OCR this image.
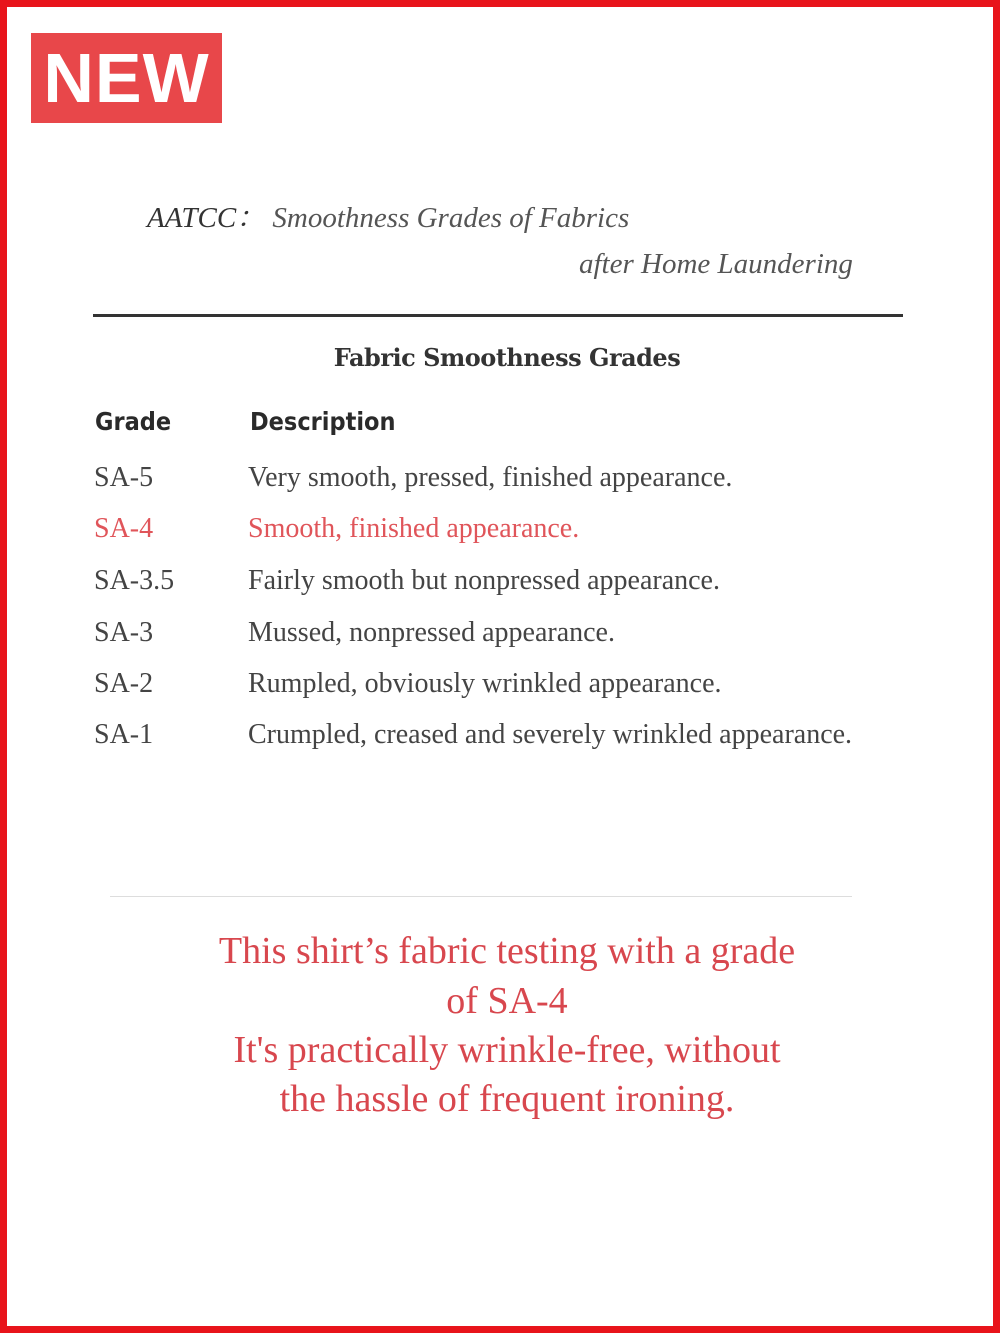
NEW
AATCC： Smoothness Grades of Fabrics
after Home Laundering
Fabric Smoothness Grades
Grade	Description
SA-5	Very smooth, pressed, finished appearance.
SA-4	Smooth, finished appearance.
SA-3.5	Fairly smooth but nonpressed appearance.
SA-3	Mussed, nonpressed appearance.
SA-2	Rumpled, obviously wrinkled appearance.
SA-1	Crumpled, creased and severely wrinkled appearance.
This shirt’s fabric testing with a grade
of SA-4
It's practically wrinkle-free, without
the hassle of frequent ironing.
